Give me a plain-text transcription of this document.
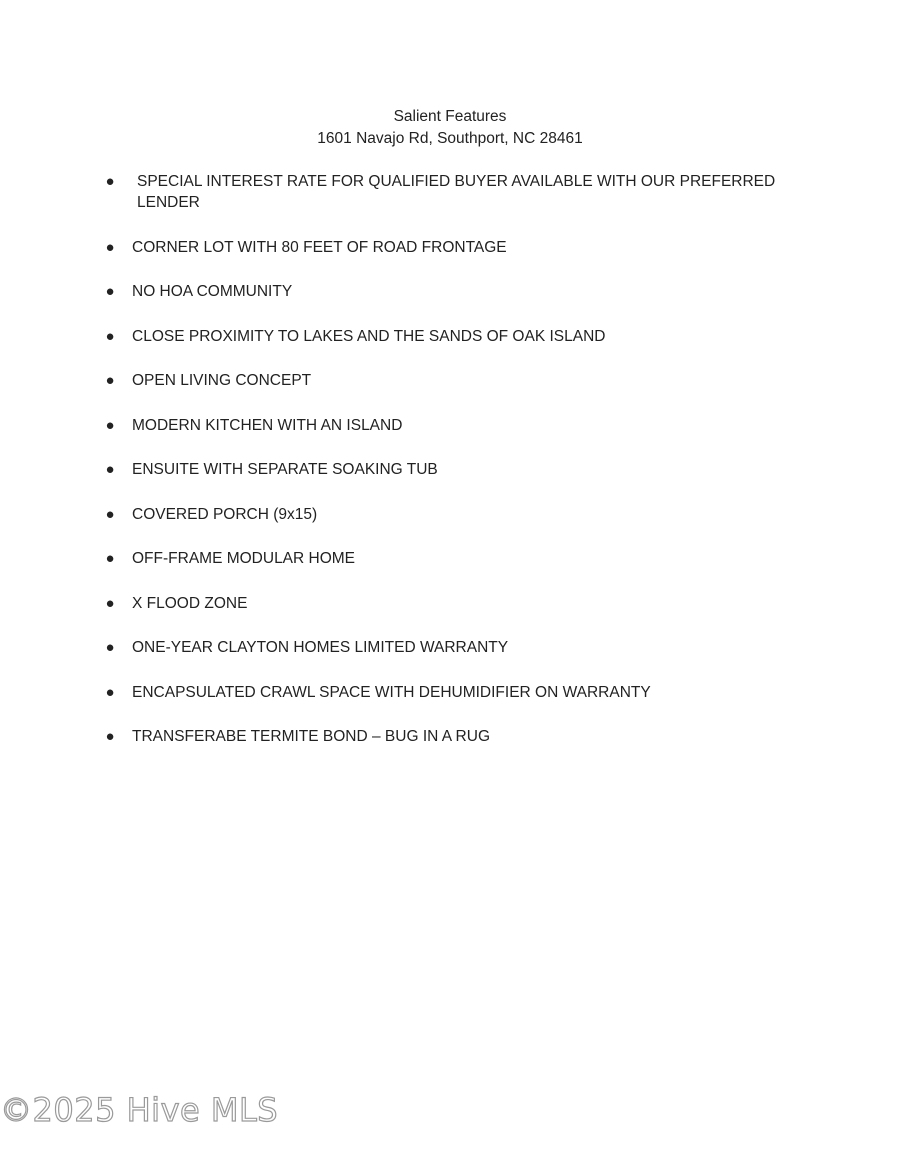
Salient Features
1601 Navajo Rd, Southport, NC 28461
● SPECIAL INTEREST RATE FOR QUALIFIED BUYER AVAILABLE WITH OUR PREFERRED LENDER
● CORNER LOT WITH 80 FEET OF ROAD FRONTAGE
● NO HOA COMMUNITY
● CLOSE PROXIMITY TO LAKES AND THE SANDS OF OAK ISLAND
● OPEN LIVING CONCEPT
● MODERN KITCHEN WITH AN ISLAND
● ENSUITE WITH SEPARATE SOAKING TUB
● COVERED PORCH (9x15)
● OFF-FRAME MODULAR HOME
● X FLOOD ZONE
● ONE-YEAR CLAYTON HOMES LIMITED WARRANTY
● ENCAPSULATED CRAWL SPACE WITH DEHUMIDIFIER ON WARRANTY
● TRANSFERABE TERMITE BOND – BUG IN A RUG
©2025 Hive MLS
